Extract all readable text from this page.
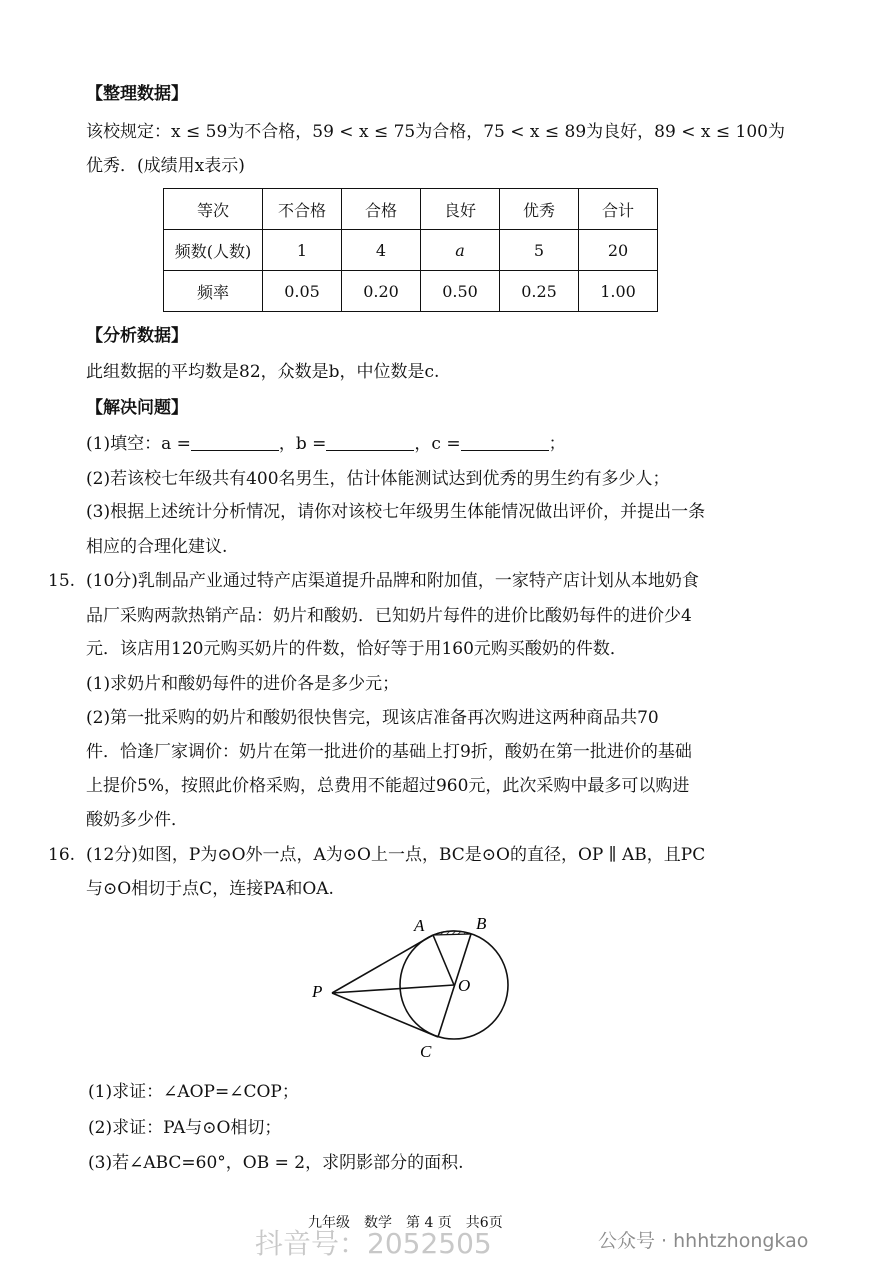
【整理数据】
该校规定：x ≤ 59为不合格，59 < x ≤ 75为合格，75 < x ≤ 89为良好，89 < x ≤ 100为
优秀．(成绩用x表示)
等次	不合格	合格	良好	优秀	合计
频数(人数)	1	4	a	5	20
频率	0.05	0.20	0.50	0.25	1.00
【分析数据】
此组数据的平均数是82，众数是b，中位数是c.
【解决问题】
(1)填空：a =	，b =	，c =	；
(2)若该校七年级共有400名男生，估计体能测试达到优秀的男生约有多少人；
(3)根据上述统计分析情况，请你对该校七年级男生体能情况做出评价，并提出一条
相应的合理化建议.
15. (10分)乳制品产业通过特产店渠道提升品牌和附加值，一家特产店计划从本地奶食
品厂采购两款热销产品：奶片和酸奶．已知奶片每件的进价比酸奶每件的进价少4
元．该店用120元购买奶片的件数，恰好等于用160元购买酸奶的件数．
(1)求奶片和酸奶每件的进价各是多少元；
(2)第一批采购的奶片和酸奶很快售完，现该店准备再次购进这两种商品共70
件．恰逢厂家调价：奶片在第一批进价的基础上打9折，酸奶在第一批进价的基础
上提价5%，按照此价格采购，总费用不能超过960元，此次采购中最多可以购进
酸奶多少件．
16. (12分)如图，P为⊙O外一点，A为⊙O上一点，BC是⊙O的直径，OP ∥ AB，且PC
与⊙O相切于点C，连接PA和OA.
A	B
P	O
C
(1)求证：∠AOP=∠COP；
(2)求证：PA与⊙O相切；
(3)若∠ABC=60°，OB = 2，求阴影部分的面积.
九年级　数学　第 4 页　共6页
抖音号：2052505	公众号 · hhhtzhongkao
